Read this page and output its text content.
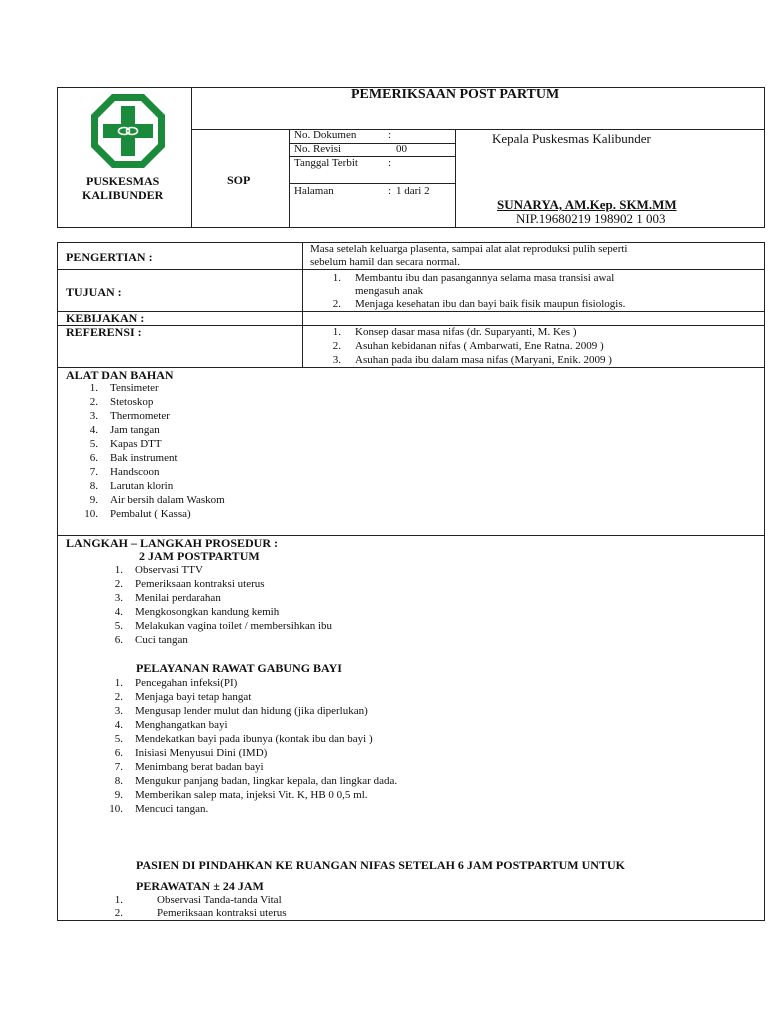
PUSKESMAS
KALIBUNDER
PEMERIKSAAN POST PARTUM
SOP
No. Dokumen	:
No. Revisi	00
Tanggal Terbit	:
Halaman	: 1 dari 2
Kepala Puskesmas Kalibunder
SUNARYA, AM.Kep. SKM.MM
NIP.19680219 198902 1 003
PENGERTIAN :
Masa setelah keluarga plasenta, sampai alat alat reproduksi pulih seperti
sebelum hamil dan secara normal.
TUJUAN :
1. Membantu ibu dan pasangannya selama masa transisi awal
mengasuh anak
2. Menjaga kesehatan ibu dan bayi baik fisik maupun fisiologis.
KEBIJAKAN :
REFERENSI :	1. Konsep dasar masa nifas (dr. Suparyanti, M. Kes )
2. Asuhan kebidanan nifas ( Ambarwati, Ene Ratna. 2009 )
3. Asuhan pada ibu dalam masa nifas (Maryani, Enik. 2009 )
ALAT DAN BAHAN
1. Tensimeter
2. Stetoskop
3. Thermometer
4. Jam tangan
5. Kapas DTT
6. Bak instrument
7. Handscoon
8. Larutan klorin
9. Air bersih dalam Waskom
10. Pembalut ( Kassa)
LANGKAH – LANGKAH PROSEDUR :
2 JAM POSTPARTUM
1. Observasi TTV
2. Pemeriksaan kontraksi uterus
3. Menilai perdarahan
4. Mengkosongkan kandung kemih
5. Melakukan vagina toilet / membersihkan ibu
6. Cuci tangan
PELAYANAN RAWAT GABUNG BAYI
1. Pencegahan infeksi(PI)
2. Menjaga bayi tetap hangat
3. Mengusap lender mulut dan hidung (jika diperlukan)
4. Menghangatkan bayi
5. Mendekatkan bayi pada ibunya (kontak ibu dan bayi )
6. Inisiasi Menyusui Dini (IMD)
7. Menimbang berat badan bayi
8. Mengukur panjang badan, lingkar kepala, dan lingkar dada.
9. Memberikan salep mata, injeksi Vit. K, HB 0 0,5 ml.
10. Mencuci tangan.
PASIEN DI PINDAHKAN KE RUANGAN NIFAS SETELAH 6 JAM POSTPARTUM UNTUK
PERAWATAN ± 24 JAM
1.	Observasi Tanda-tanda Vital
2.	Pemeriksaan kontraksi uterus
